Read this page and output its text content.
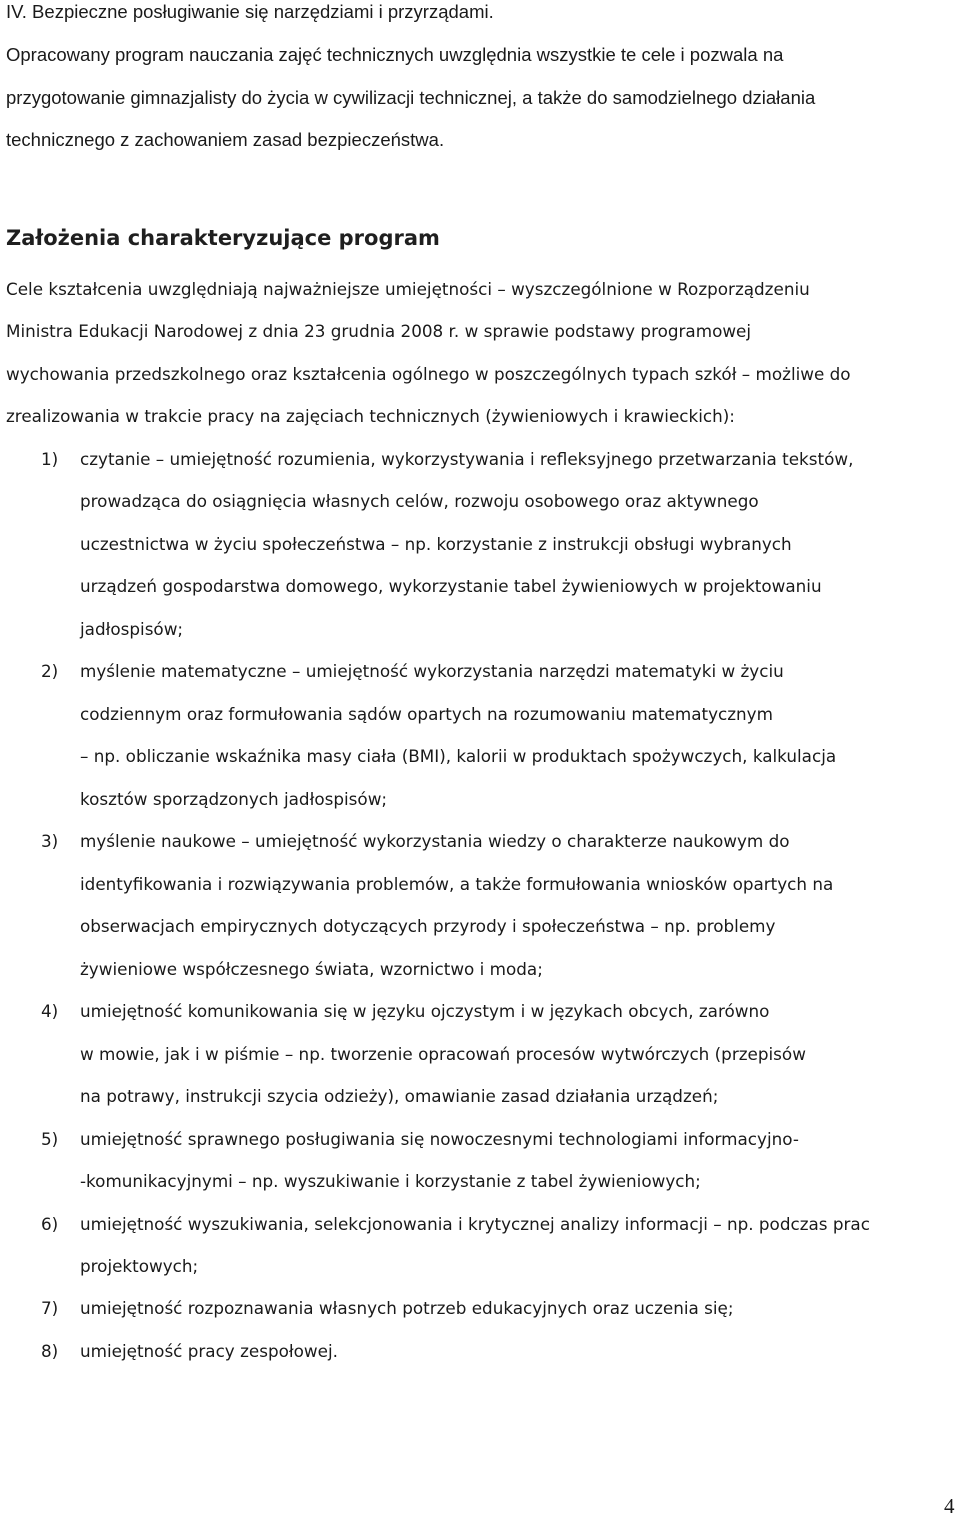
IV. Bezpieczne posługiwanie się narzędziami i przyrządami.
Opracowany program nauczania zajęć technicznych uwzględnia wszystkie te cele i pozwala na
przygotowanie gimnazjalisty do życia w cywilizacji technicznej, a także do samodzielnego działania
technicznego z zachowaniem zasad bezpieczeństwa.
Założenia charakteryzujące program
Cele kształcenia uwzględniają najważniejsze umiejętności – wyszczególnione w Rozporządzeniu
Ministra Edukacji Narodowej z dnia 23 grudnia 2008 r. w sprawie podstawy programowej
wychowania przedszkolnego oraz kształcenia ogólnego w poszczególnych typach szkół – możliwe do
zrealizowania w trakcie pracy na zajęciach technicznych (żywieniowych i krawieckich):
1) czytanie – umiejętność rozumienia, wykorzystywania i refleksyjnego przetwarzania tekstów,
prowadząca do osiągnięcia własnych celów, rozwoju osobowego oraz aktywnego
uczestnictwa w życiu społeczeństwa – np. korzystanie z instrukcji obsługi wybranych
urządzeń gospodarstwa domowego, wykorzystanie tabel żywieniowych w projektowaniu
jadłospisów;
2) myślenie matematyczne – umiejętność wykorzystania narzędzi matematyki w życiu
codziennym oraz formułowania sądów opartych na rozumowaniu matematycznym
– np. obliczanie wskaźnika masy ciała (BMI), kalorii w produktach spożywczych, kalkulacja
kosztów sporządzonych jadłospisów;
3) myślenie naukowe – umiejętność wykorzystania wiedzy o charakterze naukowym do
identyfikowania i rozwiązywania problemów, a także formułowania wniosków opartych na
obserwacjach empirycznych dotyczących przyrody i społeczeństwa – np. problemy
żywieniowe współczesnego świata, wzornictwo i moda;
4) umiejętność komunikowania się w języku ojczystym i w językach obcych, zarówno
w mowie, jak i w piśmie – np. tworzenie opracowań procesów wytwórczych (przepisów
na potrawy, instrukcji szycia odzieży), omawianie zasad działania urządzeń;
5) umiejętność sprawnego posługiwania się nowoczesnymi technologiami informacyjno-
-komunikacyjnymi – np. wyszukiwanie i korzystanie z tabel żywieniowych;
6) umiejętność wyszukiwania, selekcjonowania i krytycznej analizy informacji – np. podczas prac
projektowych;
7) umiejętność rozpoznawania własnych potrzeb edukacyjnych oraz uczenia się;
8) umiejętność pracy zespołowej.
4
